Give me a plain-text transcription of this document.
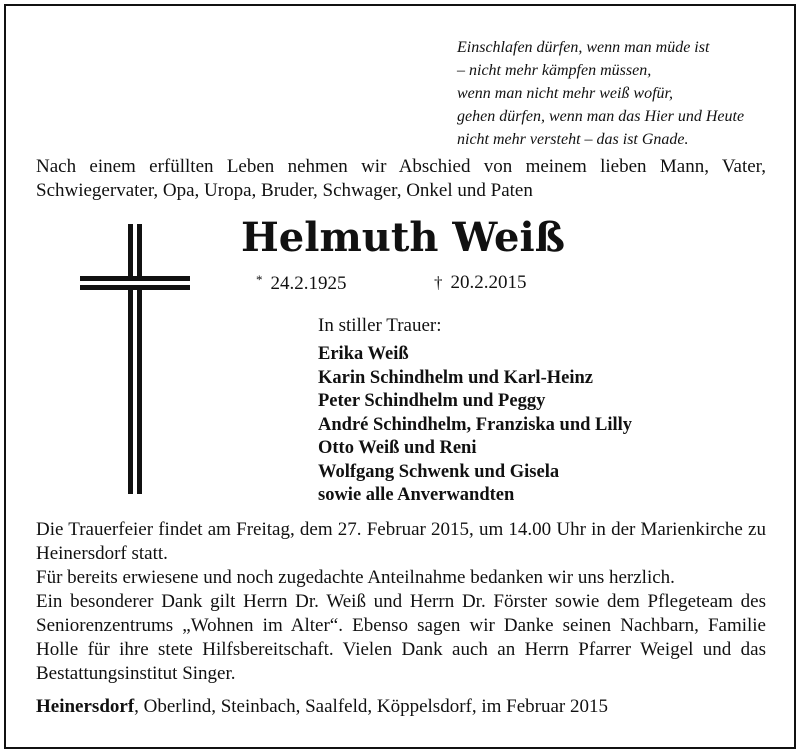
Einschlafen dürfen, wenn man müde ist
– nicht mehr kämpfen müssen,
wenn man nicht mehr weiß wofür,
gehen dürfen, wenn man das Hier und Heute
nicht mehr versteht – das ist Gnade.
Nach einem erfüllten Leben nehmen wir Abschied von meinem lieben Mann, Vater, Schwiegervater, Opa, Uropa, Bruder, Schwager, Onkel und Paten
Helmuth Weiß
* 24.2.1925	† 20.2.2015
In stiller Trauer:
Erika Weiß
Karin Schindhelm und Karl-Heinz
Peter Schindhelm und Peggy
André Schindhelm, Franziska und Lilly
Otto Weiß und Reni
Wolfgang Schwenk und Gisela
sowie alle Anverwandten

Die Trauerfeier findet am Freitag, dem 27. Februar 2015, um 14.00 Uhr in der Marienkirche zu Heinersdorf statt.

Für bereits erwiesene und noch zugedachte Anteilnahme bedanken wir uns herzlich.

Ein besonderer Dank gilt Herrn Dr. Weiß und Herrn Dr. Förster sowie dem Pflegeteam des Seniorenzentrums „Wohnen im Alter“. Ebenso sagen wir Danke seinen Nachbarn, Familie Holle für ihre stete Hilfsbereitschaft. Vielen Dank auch an Herrn Pfarrer Weigel und das Bestattungsinstitut Singer.

Heinersdorf, Oberlind, Steinbach, Saalfeld, Köppelsdorf, im Februar 2015
